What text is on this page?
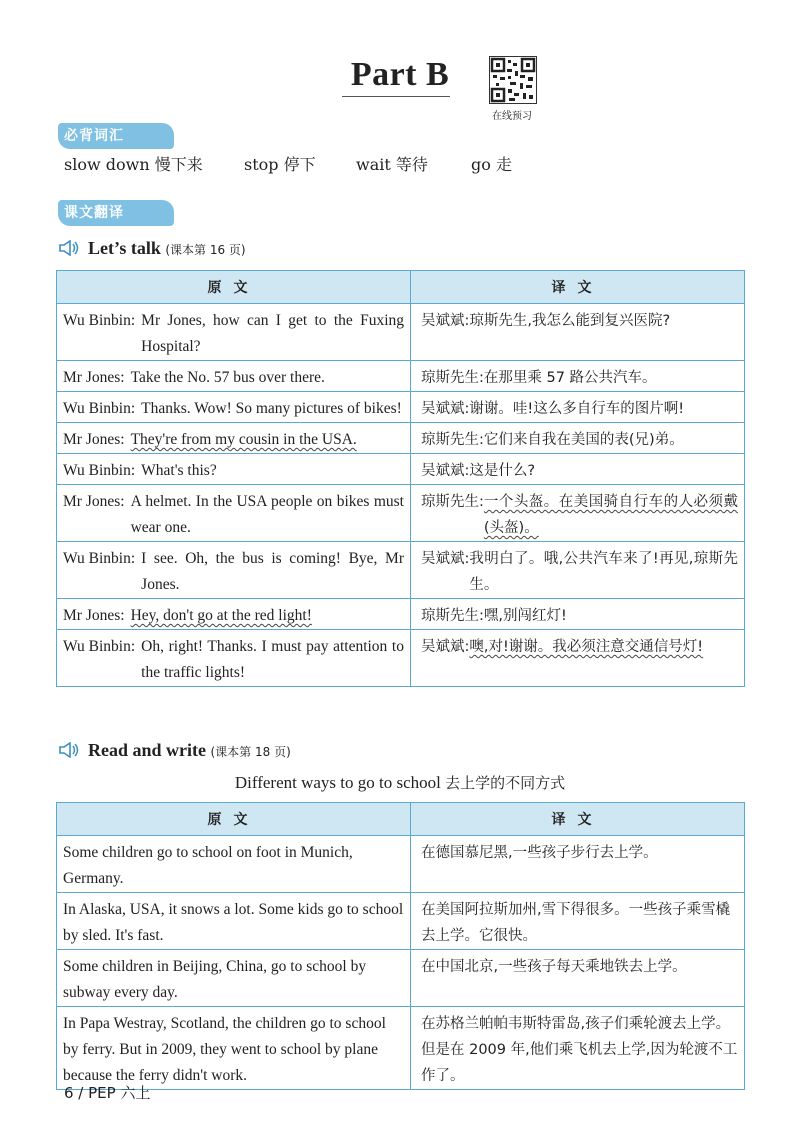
Part B
在线预习
必背词汇
slow down 慢下来	stop 停下	wait 等待	go 走
课文翻译
Let’s talk (课本第 16 页)
原文	译文

Wu Binbin: Mr Jones, how can I get to the Fuxing Hospital?	吴斌斌: 琼斯先生,我怎么能到复兴医院?

Mr Jones: Take the No. 57 bus over there.	琼斯先生: 在那里乘 57 路公共汽车。

Wu Binbin: Thanks. Wow! So many pictures of bikes!	吴斌斌: 谢谢。哇!这么多自行车的图片啊!

Mr Jones: They're from my cousin in the USA.	琼斯先生: 它们来自我在美国的表(兄)弟。

Wu Binbin: What's this?	吴斌斌: 这是什么?

Mr Jones: A helmet. In the USA people on bikes must wear one.	琼斯先生: 一个头盔。在美国骑自行车的人必须戴(头盔)。

Wu Binbin: I see. Oh, the bus is coming! Bye, Mr Jones.	吴斌斌: 我明白了。哦,公共汽车来了!再见,琼斯先生。

Mr Jones: Hey, don't go at the red light!	琼斯先生: 嘿,别闯红灯!

Wu Binbin: Oh, right! Thanks. I must pay attention to the traffic lights!	吴斌斌: 噢,对!谢谢。我必须注意交通信号灯!
Read and write (课本第 18 页)
Different ways to go to school 去上学的不同方式
原文	译文
Some children go to school on foot in Munich, Germany.	在德国慕尼黑,一些孩子步行去上学。
In Alaska, USA, it snows a lot. Some kids go to school by sled. It's fast.	在美国阿拉斯加州,雪下得很多。一些孩子乘雪橇去上学。它很快。
Some children in Beijing, China, go to school by subway every day.	在中国北京,一些孩子每天乘地铁去上学。
In Papa Westray, Scotland, the children go to school by ferry. But in 2009, they went to school by plane because the ferry didn't work.	在苏格兰帕帕韦斯特雷岛,孩子们乘轮渡去上学。但是在 2009 年,他们乘飞机去上学,因为轮渡不工作了。
6 / PEP 六上
